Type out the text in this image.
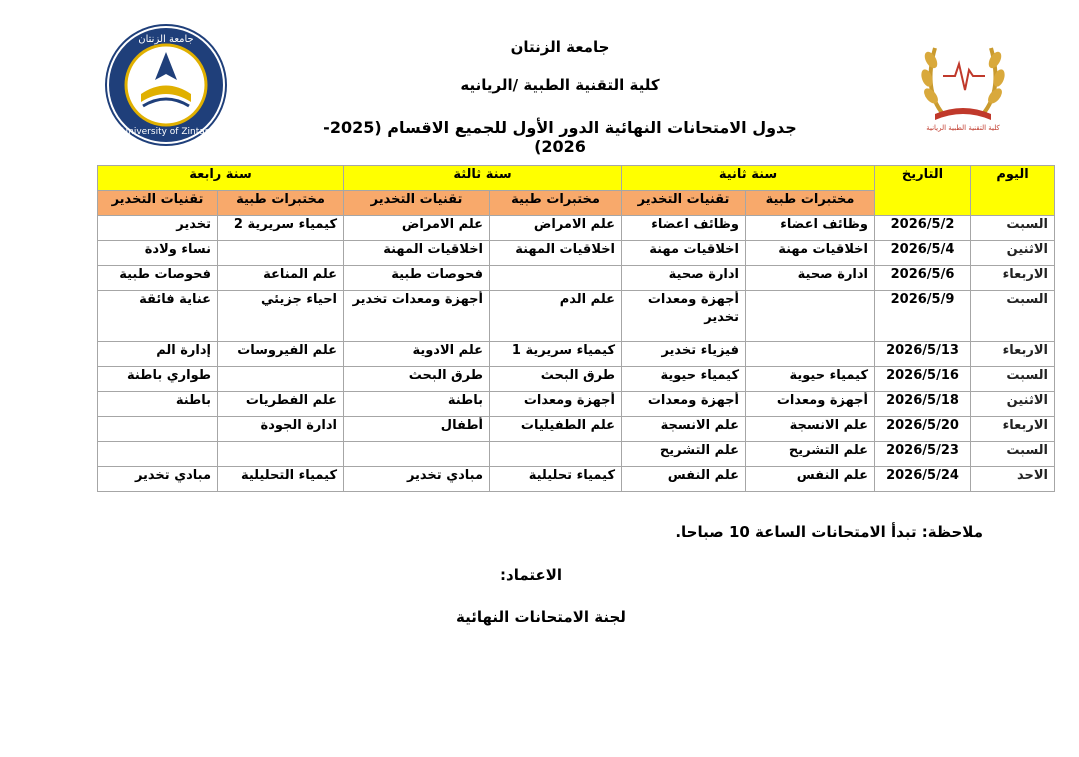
University of Zintan
جامعة الزنتان
كلية التقنية الطبية الريانية
جامعة الزنتان
كلية التقنية الطبية /الريانيه
جدول الامتحانات النهائية الدور الأول للجميع الاقسام (2025-2026)
اليوم	التاريخ	سنة ثانية		سنة ثالثة		سنة رابعة	
		مختبرات طبية	تقنيات التخدير	مختبرات طبية	تقنيات التخدير	مختبرات طبية	تقنيات التخدير
السبت	2026/5/2	وظائف اعضاء	وظائف اعضاء	علم الامراض	علم الامراض	كيمياء سريرية 2	تخدير
الاثنين	2026/5/4	اخلاقيات مهنة	اخلاقيات مهنة	اخلاقيات المهنة	اخلاقيات المهنة		نساء ولادة
الاربعاء	2026/5/6	ادارة صحية	ادارة صحية		فحوصات طبية	علم المناعة	فحوصات طبية
السبت	2026/5/9		أجهزة ومعدات تخدير	علم الدم	أجهزة ومعدات تخدير	احياء جزيئي	عناية فائقة
الاربعاء	2026/5/13		فيزياء تخدير	كيمياء سريرية 1	علم الادوية	علم الفيروسات	إدارة الم
السبت	2026/5/16	كيمياء حيوية	كيمياء حيوية	طرق البحث	طرق البحث		طواري باطنة
الاثنين	2026/5/18	أجهزة ومعدات	أجهزة ومعدات	أجهزة ومعدات	باطنة	علم الفطريات	باطنة
الاربعاء	2026/5/20	علم الانسجة	علم الانسجة	علم الطفيليات	أطفال	ادارة الجودة	
السبت	2026/5/23	علم التشريح	علم التشريح				
الاحد	2026/5/24	علم النفس	علم النفس	كيمياء تحليلية	مبادي تخدير	كيمياء التحليلية	مبادي تخدير
ملاحظة: تبدأ الامتحانات الساعة 10 صباحا.
الاعتماد:
لجنة الامتحانات النهائية
